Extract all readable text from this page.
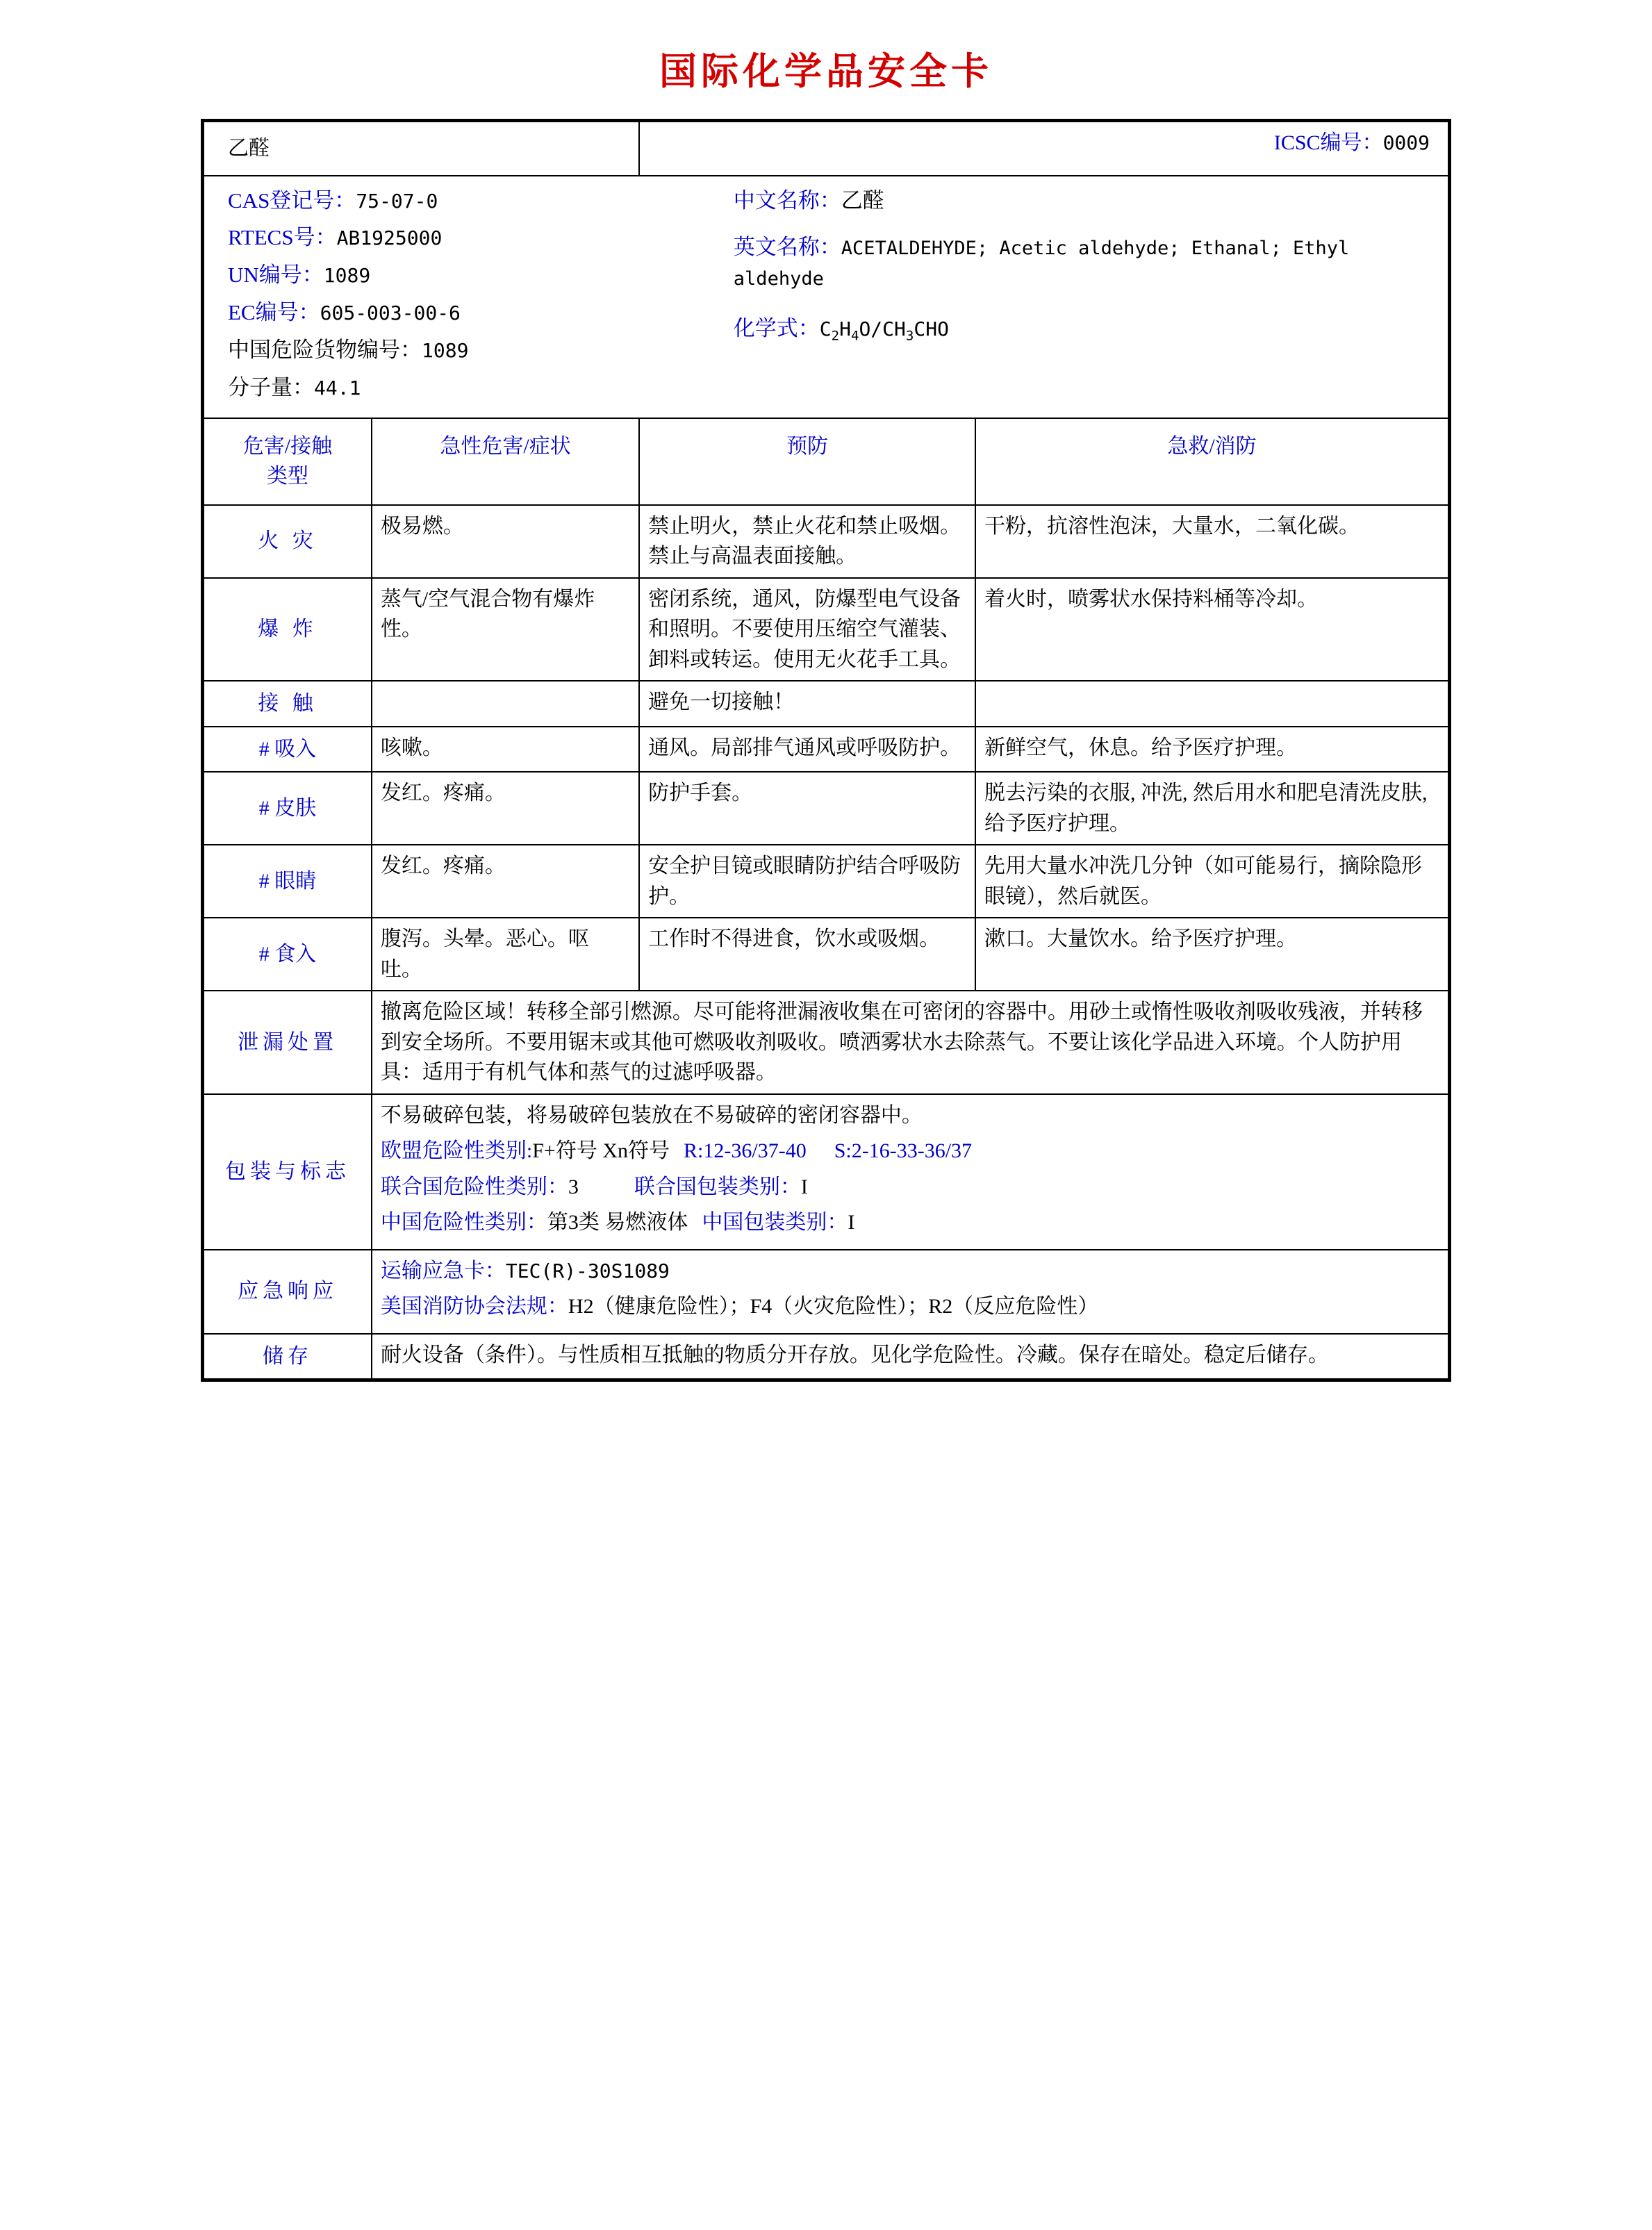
国际化学品安全卡
乙醛		ICSC编号：0009	

CAS登记号：75-07-0
RTECS号：AB1925000
UN编号：1089
EC编号：605-003-00-6
中国危险货物编号：1089
分子量：44.1
中文名称：乙醛
英文名称：ACETALDEHYDE; Acetic aldehyde; Ethanal; Ethyl aldehyde
化学式：$C_2H_4O/CH_3CHO$

危害/接触
类型	急性危害/症状	预防	急救/消防
火 灾	极易燃。	禁止明火，禁止火花和禁止吸烟。禁止与高温表面接触。	干粉，抗溶性泡沫，大量水，二氧化碳。
爆 炸	蒸气/空气混合物有爆炸性。	密闭系统，通风，防爆型电气设备和照明。不要使用压缩空气灌装、卸料或转运。使用无火花手工具。	着火时，喷雾状水保持料桶等冷却。
接 触		避免一切接触！	
# 吸入	咳嗽。	通风。局部排气通风或呼吸防护。	新鲜空气，休息。给予医疗护理。
# 皮肤	发红。疼痛。	防护手套。	脱去污染的衣服, 冲洗, 然后用水和肥皂清洗皮肤, 给予医疗护理。
# 眼睛	发红。疼痛。	安全护目镜或眼睛防护结合呼吸防护。	先用大量水冲洗几分钟（如可能易行，摘除隐形眼镜），然后就医。
# 食入	腹泻。头晕。恶心。呕吐。	工作时不得进食，饮水或吸烟。	漱口。大量饮水。给予医疗护理。
泄漏处置	撤离危险区域！转移全部引燃源。尽可能将泄漏液收集在可密闭的容器中。用砂土或惰性吸收剂吸收残液，并转移到安全场所。不要用锯末或其他可燃吸收剂吸收。喷洒雾状水去除蒸气。不要让该化学品进入环境。个人防护用具：适用于有机气体和蒸气的过滤呼吸器。		
包装与标志	不易破碎包装，将易破碎包装放在不易破碎的密闭容器中。
欧盟危险性类别:F+符号 Xn符号 R:12-36/37-40 S:2-16-33-36/37
联合国危险性类别：3 联合国包装类别：I
中国危险性类别：第3类 易燃液体 中国包装类别：I		

应急响应	运输应急卡：TEC(R)-30S1089
美国消防协会法规：H2（健康危险性）；F4（火灾危险性）；R2（反应危险性）		

储存	耐火设备（条件）。与性质相互抵触的物质分开存放。见化学危险性。冷藏。保存在暗处。稳定后储存。		
